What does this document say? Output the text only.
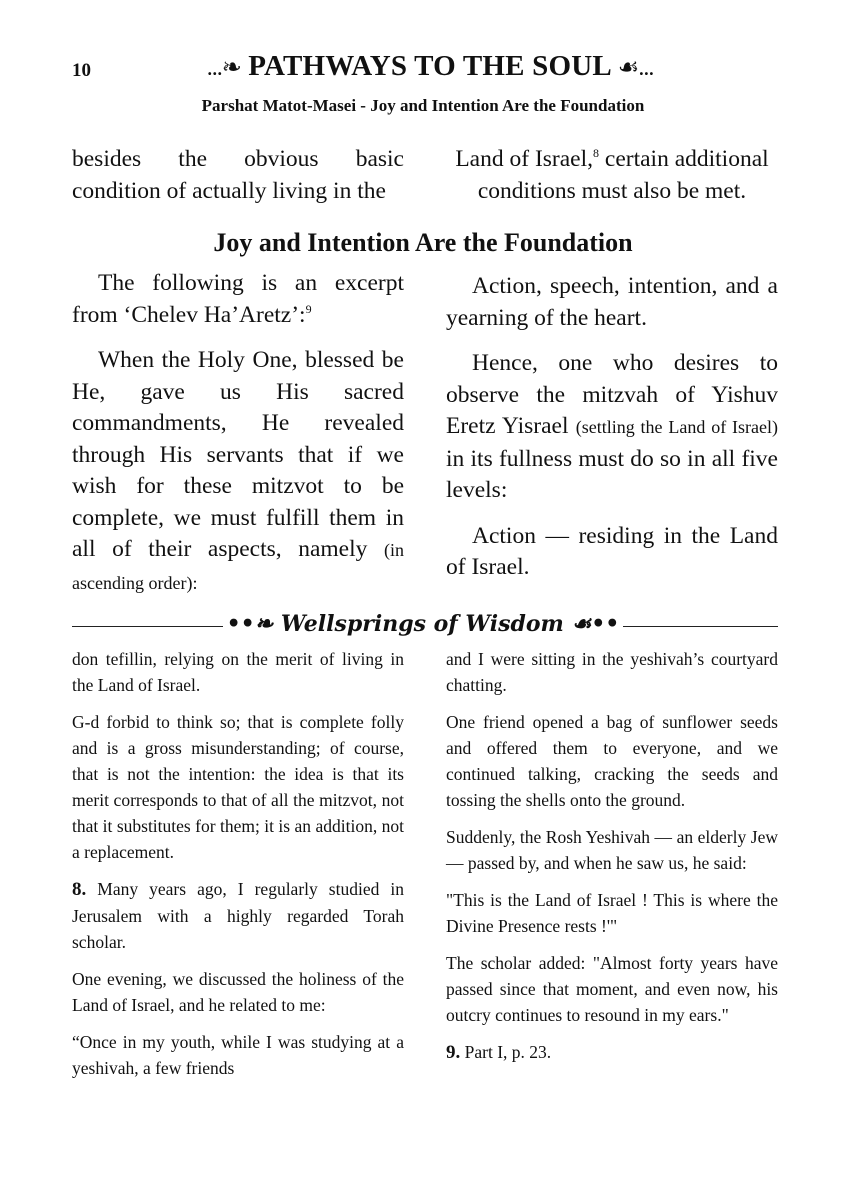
10	...❧ PATHWAYS TO THE SOUL ☙...
Parshat Matot-Masei - Joy and Intention Are the Foundation

besides the obvious basic condition of actually living in the

Land of Israel,$^8$ certain additional conditions must also be met.

Joy and Intention Are the Foundation

The following is an excerpt from ‘Chelev Ha’Aretz’:$^9$

When the Holy One, blessed be He, gave us His sacred commandments, He revealed through His servants that if we wish for these mitzvot to be complete, we must fulfill them in all of their aspects, namely (in ascending order):

Action, speech, intention, and a yearning of the heart.

Hence, one who desires to observe the mitzvah of Yishuv Eretz Yisrael (settling the Land of Israel) in its fullness must do so in all five levels:

Action — residing in the Land of Israel.

••❧ Wellsprings of Wisdom ☙••

don tefillin, relying on the merit of living in the Land of Israel.

G-d forbid to think so; that is complete folly and is a gross misunderstanding; of course, that is not the intention: the idea is that its merit corresponds to that of all the mitzvot, not that it substitutes for them; it is an addition, not a replacement.

8. Many years ago, I regularly studied in Jerusalem with a highly regarded Torah scholar.

One evening, we discussed the holiness of the Land of Israel, and he related to me:

“Once in my youth, while I was studying at a yeshivah, a few friends

and I were sitting in the yeshivah’s courtyard chatting.

One friend opened a bag of sunflower seeds and offered them to everyone, and we continued talking, cracking the seeds and tossing the shells onto the ground.

Suddenly, the Rosh Yeshivah — an elderly Jew — passed by, and when he saw us, he said:

"This is the Land of Israel ! This is where the Divine Presence rests !'"

The scholar added: "Almost forty years have passed since that moment, and even now, his outcry continues to resound in my ears."

9. Part I, p. 23.
